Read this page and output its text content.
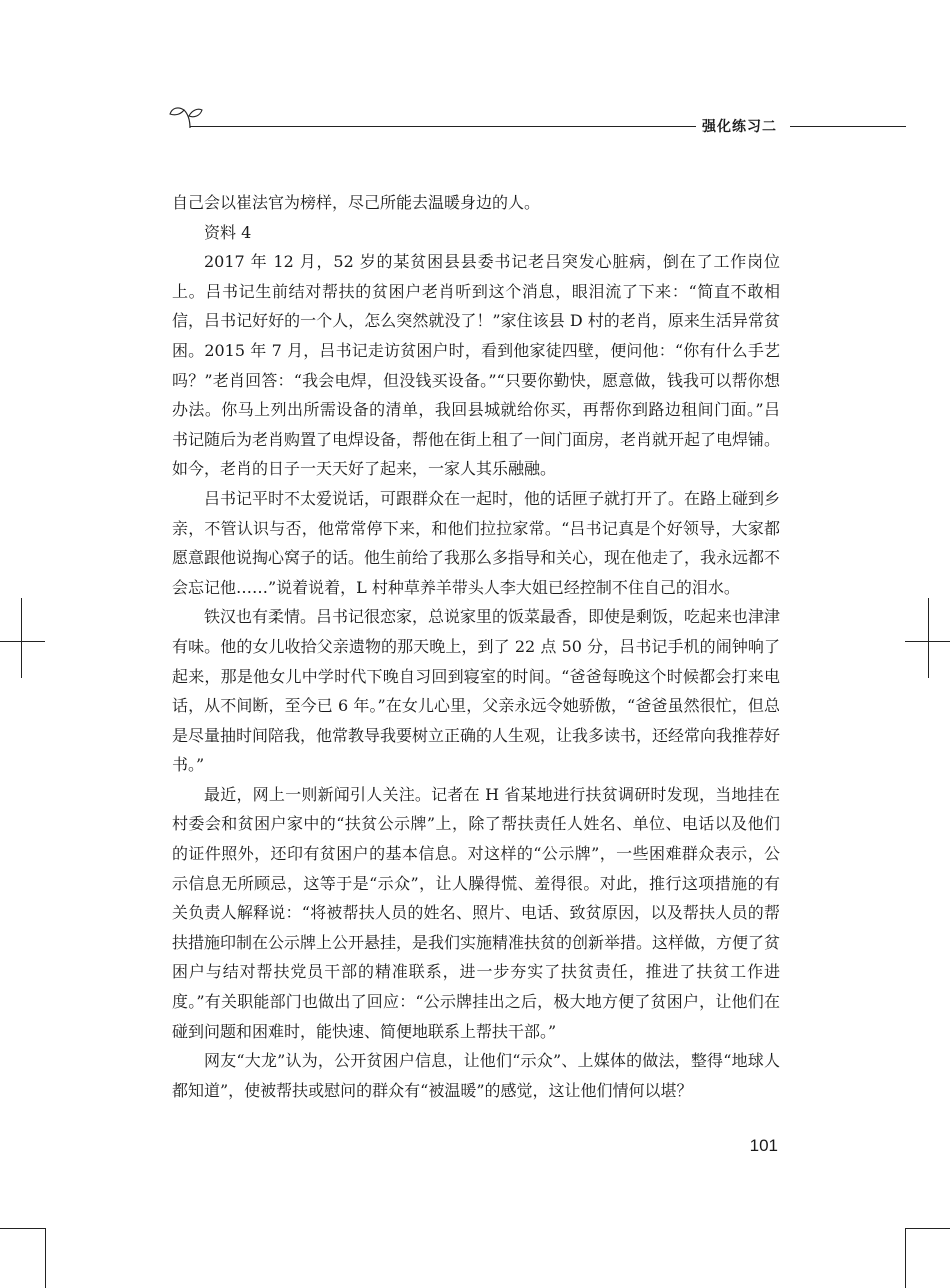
强化练习二

自己会以崔法官为榜样，尽己所能去温暖身边的人。

资料 4

2017 年 12 月，52 岁的某贫困县县委书记老吕突发心脏病，倒在了工作岗位上。吕书记生前结对帮扶的贫困户老肖听到这个消息，眼泪流了下来：“简直不敢相信，吕书记好好的一个人，怎么突然就没了！”家住该县 D 村的老肖，原来生活异常贫困。2015 年 7 月，吕书记走访贫困户时，看到他家徒四壁，便问他：“你有什么手艺吗？”老肖回答：“我会电焊，但没钱买设备。”“只要你勤快，愿意做，钱我可以帮你想办法。你马上列出所需设备的清单，我回县城就给你买，再帮你到路边租间门面。”吕书记随后为老肖购置了电焊设备，帮他在街上租了一间门面房，老肖就开起了电焊铺。如今，老肖的日子一天天好了起来，一家人其乐融融。

吕书记平时不太爱说话，可跟群众在一起时，他的话匣子就打开了。在路上碰到乡亲，不管认识与否，他常常停下来，和他们拉拉家常。“吕书记真是个好领导，大家都愿意跟他说掏心窝子的话。他生前给了我那么多指导和关心，现在他走了，我永远都不会忘记他……”说着说着，L 村种草养羊带头人李大姐已经控制不住自己的泪水。

铁汉也有柔情。吕书记很恋家，总说家里的饭菜最香，即使是剩饭，吃起来也津津有味。他的女儿收拾父亲遗物的那天晚上，到了 22 点 50 分，吕书记手机的闹钟响了起来，那是他女儿中学时代下晚自习回到寝室的时间。“爸爸每晚这个时候都会打来电话，从不间断，至今已 6 年。”在女儿心里，父亲永远令她骄傲，“爸爸虽然很忙，但总是尽量抽时间陪我，他常教导我要树立正确的人生观，让我多读书，还经常向我推荐好书。”

最近，网上一则新闻引人关注。记者在 H 省某地进行扶贫调研时发现，当地挂在村委会和贫困户家中的“扶贫公示牌”上，除了帮扶责任人姓名、单位、电话以及他们的证件照外，还印有贫困户的基本信息。对这样的“公示牌”，一些困难群众表示，公示信息无所顾忌，这等于是“示众”，让人臊得慌、羞得很。对此，推行这项措施的有关负责人解释说：“将被帮扶人员的姓名、照片、电话、致贫原因，以及帮扶人员的帮扶措施印制在公示牌上公开悬挂，是我们实施精准扶贫的创新举措。这样做，方便了贫困户与结对帮扶党员干部的精准联系，进一步夯实了扶贫责任，推进了扶贫工作进度。”有关职能部门也做出了回应：“公示牌挂出之后，极大地方便了贫困户，让他们在碰到问题和困难时，能快速、简便地联系上帮扶干部。”

网友“大龙”认为，公开贫困户信息，让他们“示众”、上媒体的做法，整得“地球人都知道”，使被帮扶或慰问的群众有“被温暖”的感觉，这让他们情何以堪？

101
